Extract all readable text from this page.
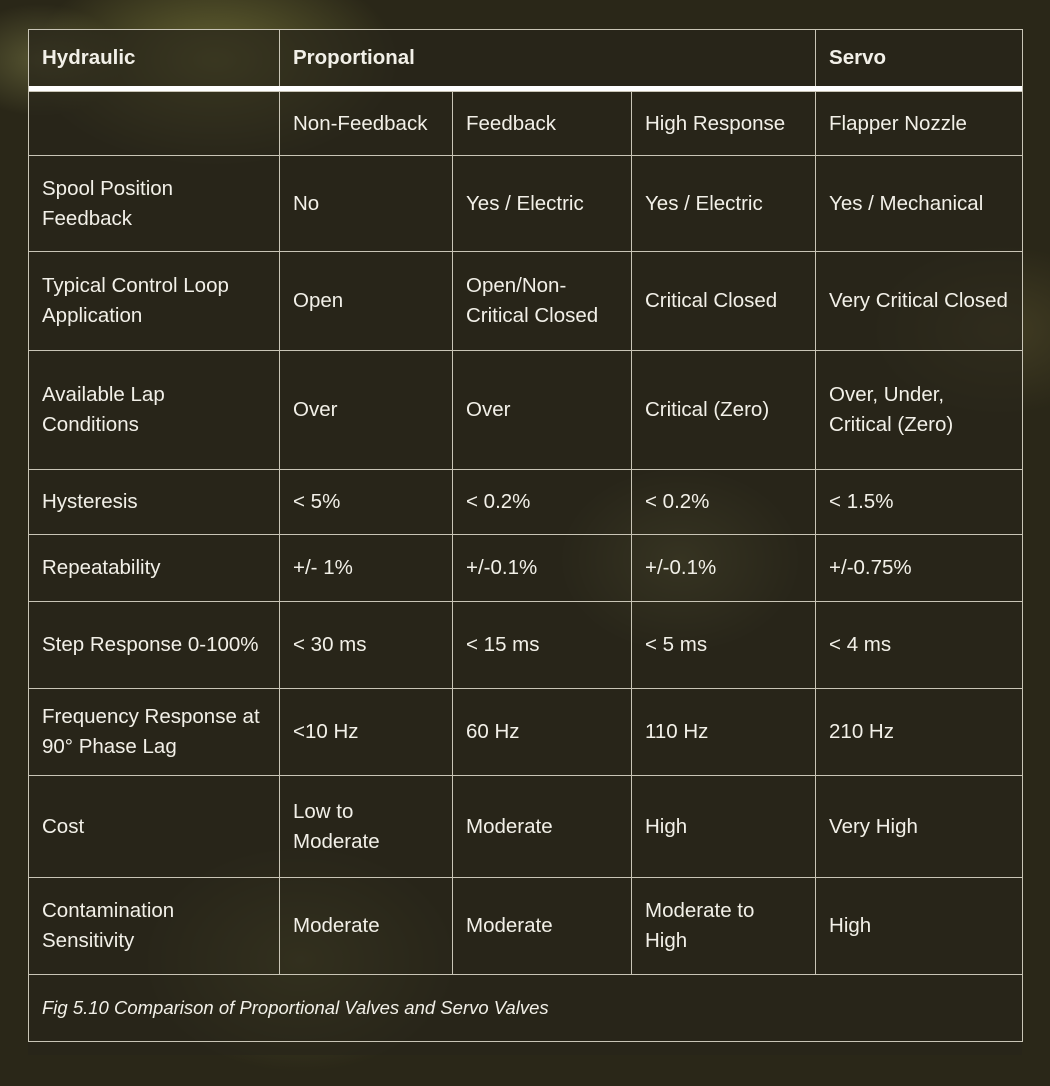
Hydraulic	Proportional			Servo

	Non-Feedback	Feedback	High Response	Flapper Nozzle
Spool Position Feedback	No	Yes / Electric	Yes / Electric	Yes / Mechanical
Typical Control Loop Application	Open	Open/Non-Critical Closed	Critical Closed	Very Critical Closed
Available Lap Conditions	Over	Over	Critical (Zero)	Over, Under, Critical (Zero)
Hysteresis	< 5%	< 0.2%	< 0.2%	< 1.5%
Repeatability	+/- 1%	+/-0.1%	+/-0.1%	+/-0.75%
Step Response 0-100%	< 30 ms	< 15 ms	< 5 ms	< 4 ms
Frequency Response at 90° Phase Lag	<10 Hz	60 Hz	110 Hz	210 Hz
Cost	Low to Moderate	Moderate	High	Very High
Contamination Sensitivity	Moderate	Moderate	Moderate to High	High
Fig 5.10 Comparison of Proportional Valves and Servo Valves				
